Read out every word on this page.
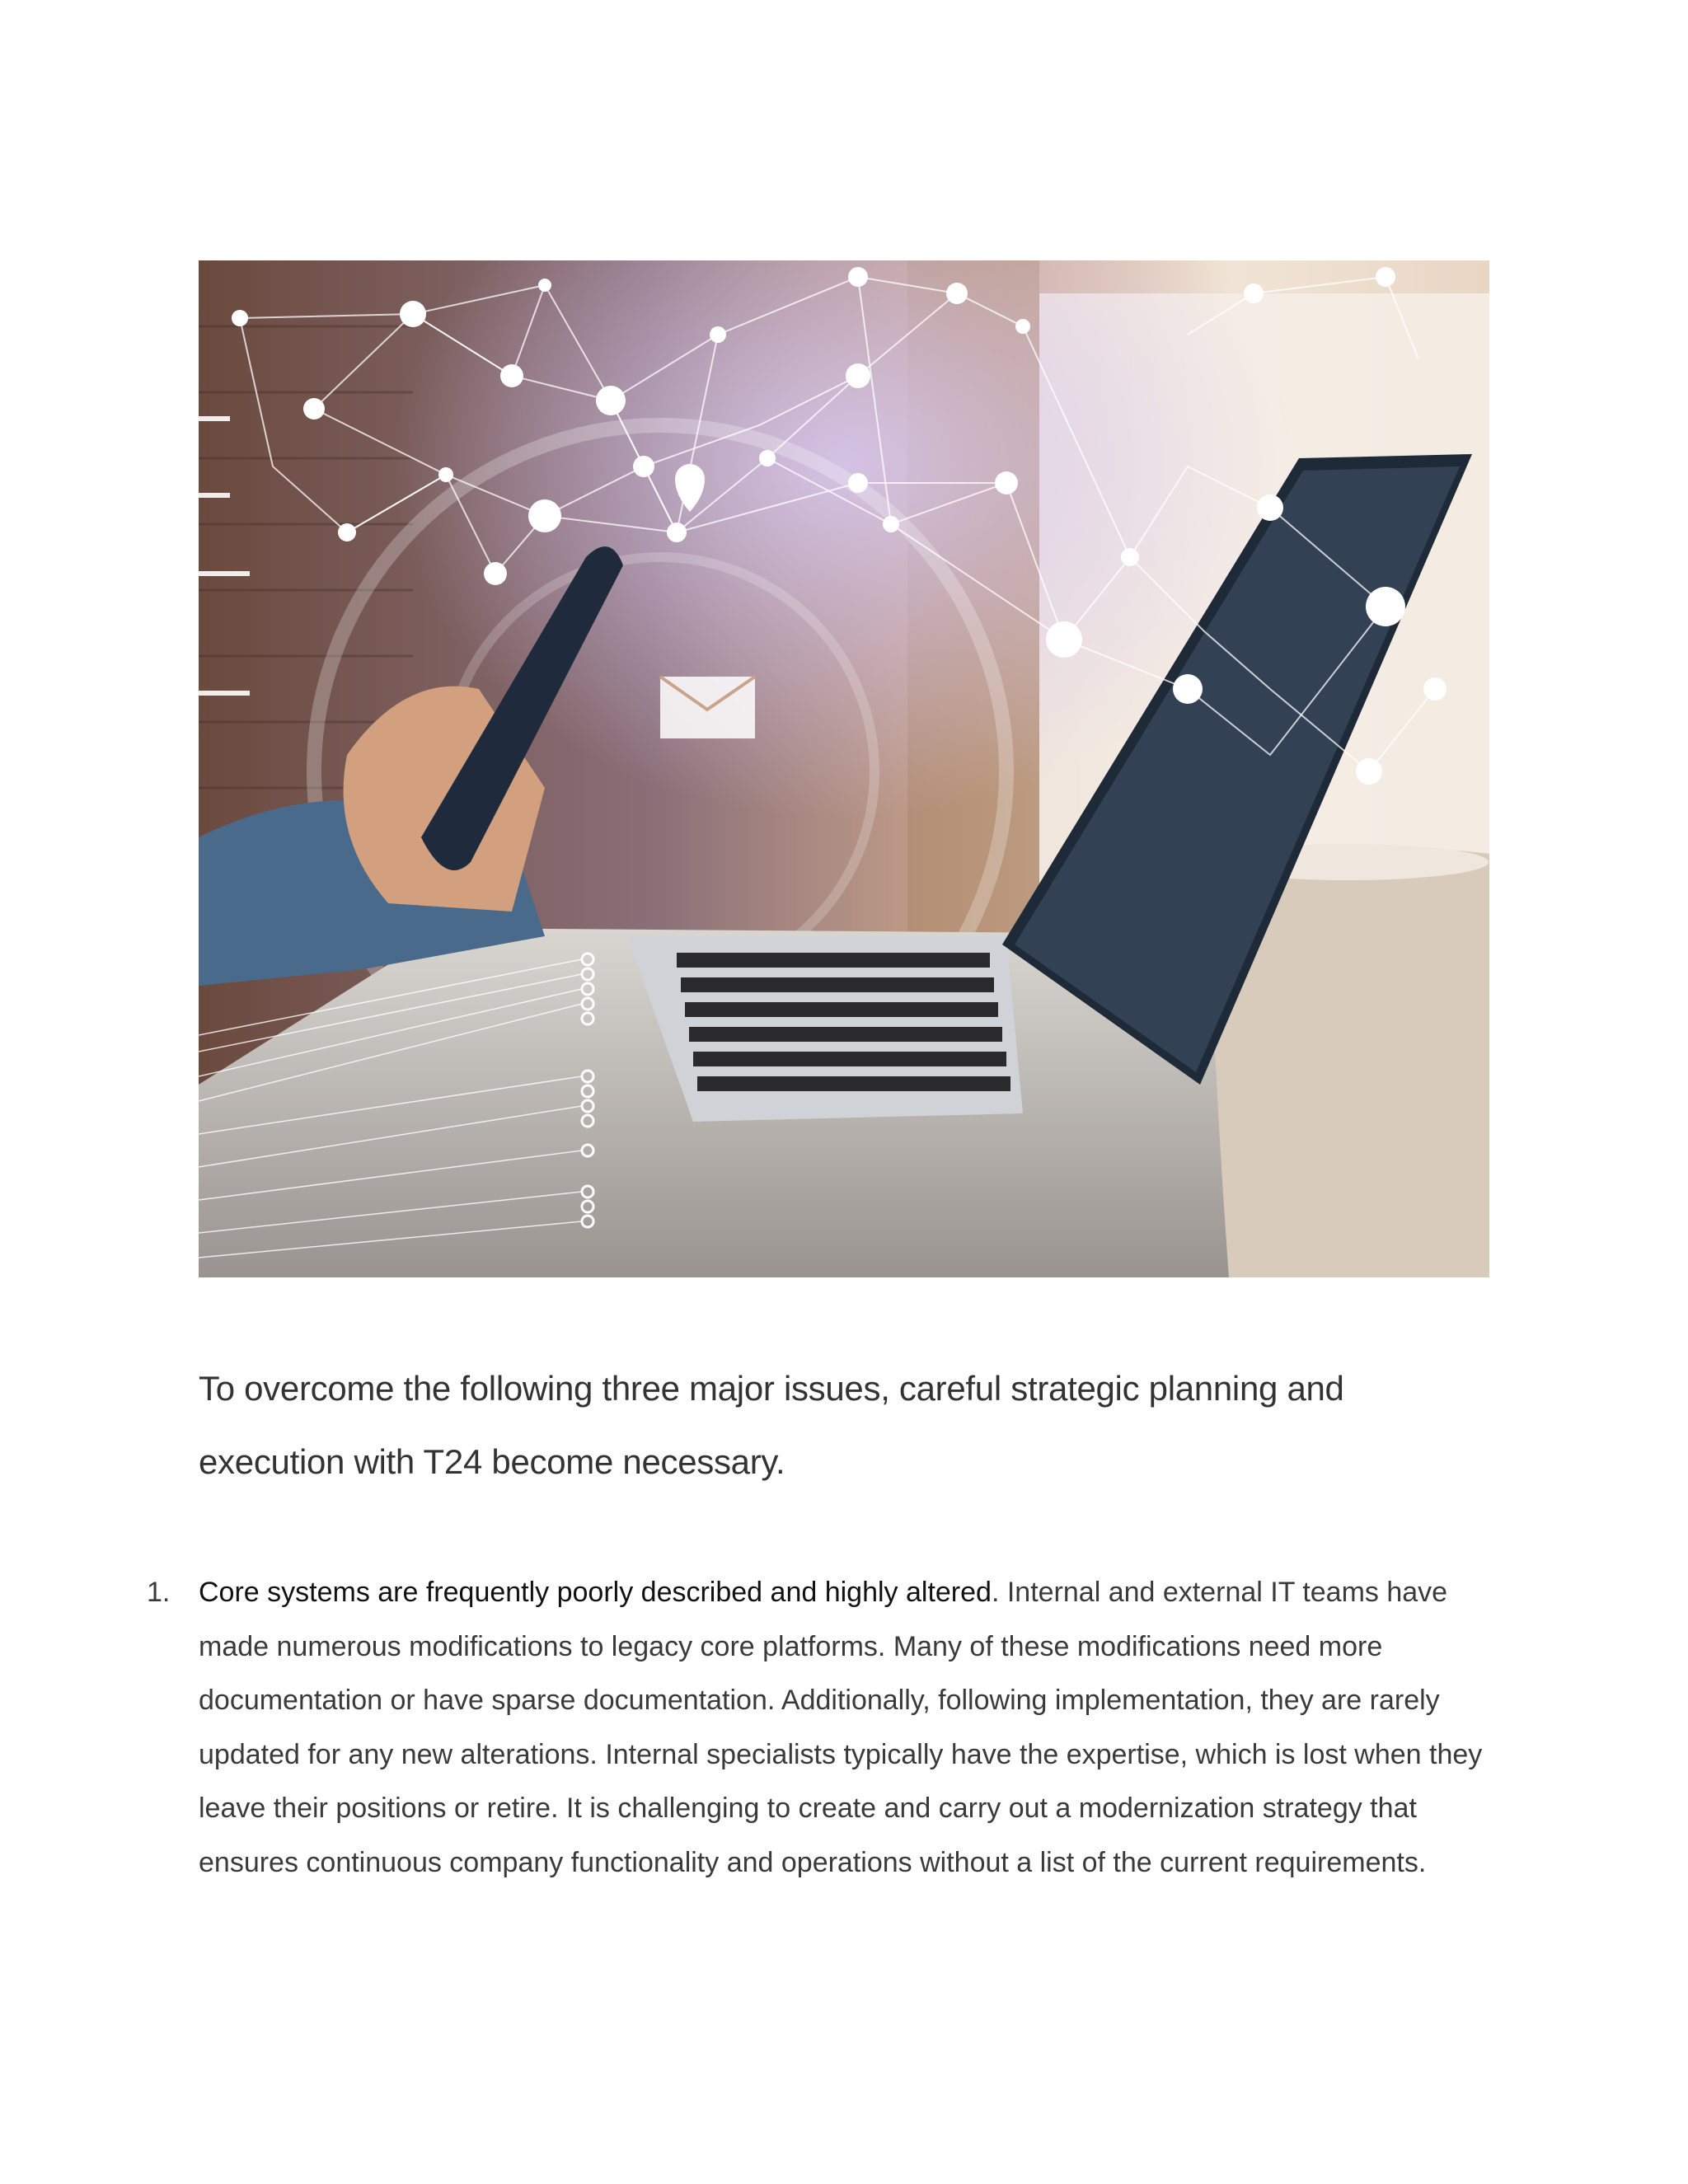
To overcome the following three major issues, careful strategic planning and execution with T24 become necessary.

1. Core systems are frequently poorly described and highly altered. Internal and external IT teams have made numerous modifications to legacy core platforms. Many of these modifications need more documentation or have sparse documentation. Additionally, following implementation, they are rarely updated for any new alterations. Internal specialists typically have the expertise, which is lost when they leave their positions or retire. It is challenging to create and carry out a modernization strategy that ensures continuous company functionality and operations without a list of the current requirements.
